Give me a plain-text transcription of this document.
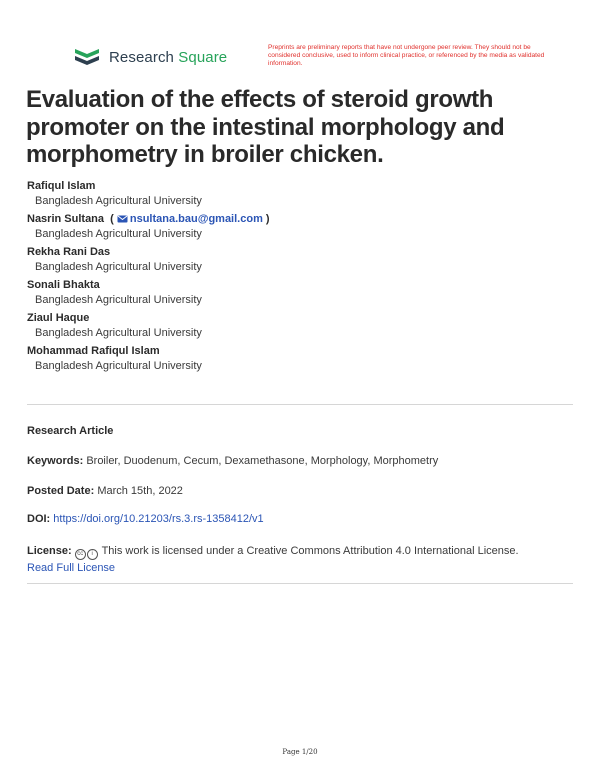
Research Square
Preprints are preliminary reports that have not undergone peer review. They should not be considered conclusive, used to inform clinical practice, or referenced by the media as validated information.
Evaluation of the effects of steroid growth promoter on the intestinal morphology and morphometry in broiler chicken.
Rafiqul Islam
Bangladesh Agricultural University
Nasrin Sultana  ( nsultana.bau@gmail.com )
Bangladesh Agricultural University
Rekha Rani Das
Bangladesh Agricultural University
Sonali Bhakta
Bangladesh Agricultural University
Ziaul Haque
Bangladesh Agricultural University
Mohammad Rafiqul Islam
Bangladesh Agricultural University
Research Article
Keywords: Broiler, Duodenum, Cecum, Dexamethasone, Morphology, Morphometry
Posted Date: March 15th, 2022
DOI: https://doi.org/10.21203/rs.3.rs-1358412/v1
License: cc i This work is licensed under a Creative Commons Attribution 4.0 International License.
Read Full License
Page 1/20
